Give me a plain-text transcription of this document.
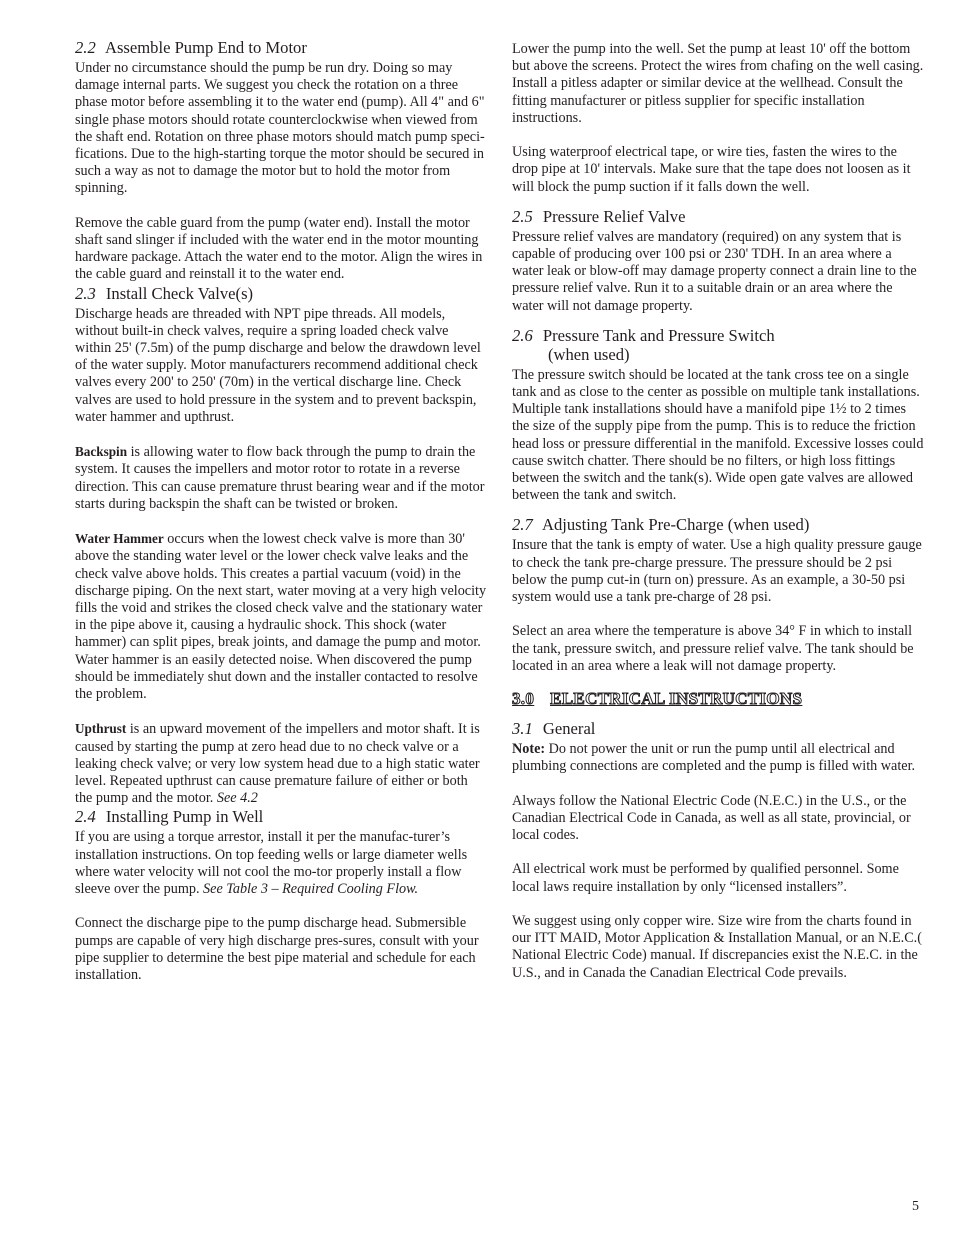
2.2 Assemble Pump End to Motor

Under no circumstance should the pump be run dry. Doing so may damage internal parts. We suggest you check the rotation on a three phase motor before assembling it to the water end (pump). All 4" and 6" single phase motors should rotate counterclockwise when viewed from the shaft end. Rotation on three phase motors should match pump speci-fications. Due to the high-starting torque the motor should be secured in such a way as not to damage the motor but to hold the motor from spinning.

Remove the cable guard from the pump (water end). Install the motor shaft sand slinger if included with the water end in the motor mounting hardware package. Attach the water end to the motor. Align the wires in the cable guard and reinstall it to the water end.

2.3 Install Check Valve(s)

Discharge heads are threaded with NPT pipe threads. All models, without built-in check valves, require a spring loaded check valve within 25' (7.5m) of the pump discharge and below the drawdown level of the water supply. Motor manufacturers recommend additional check valves every 200' to 250' (70m) in the vertical discharge line. Check valves are used to hold pressure in the system and to prevent backspin, water hammer and upthrust.

Backspin is allowing water to flow back through the pump to drain the system. It causes the impellers and motor rotor to rotate in a reverse direction. This can cause premature thrust bearing wear and if the motor starts during backspin the shaft can be twisted or broken.

Water Hammer occurs when the lowest check valve is more than 30' above the standing water level or the lower check valve leaks and the check valve above holds. This creates a partial vacuum (void) in the discharge piping. On the next start, water moving at a very high velocity fills the void and strikes the closed check valve and the stationary water in the pipe above it, causing a hydraulic shock. This shock (water hammer) can split pipes, break joints, and damage the pump and motor. Water hammer is an easily detected noise. When discovered the pump should be immediately shut down and the installer contacted to resolve the problem.

Upthrust is an upward movement of the impellers and motor shaft. It is caused by starting the pump at zero head due to no check valve or a leaking check valve; or very low system head due to a high static water level. Repeated upthrust can cause premature failure of either or both the pump and the motor. See 4.2

2.4 Installing Pump in Well

If you are using a torque arrestor, install it per the manufac-turer’s installation instructions. On top feeding wells or large diameter wells where water velocity will not cool the mo-tor properly install a flow sleeve over the pump. See Table 3 – Required Cooling Flow.

Connect the discharge pipe to the pump discharge head. Submersible pumps are capable of very high discharge pres-sures, consult with your pipe supplier to determine the best pipe material and schedule for each installation.

Lower the pump into the well. Set the pump at least 10' off the bottom but above the screens. Protect the wires from chafing on the well casing. Install a pitless adapter or similar device at the wellhead. Consult the fitting manufacturer or pitless supplier for specific installation instructions.

Using waterproof electrical tape, or wire ties, fasten the wires to the drop pipe at 10' intervals. Make sure that the tape does not loosen as it will block the pump suction if it falls down the well.

2.5 Pressure Relief Valve

Pressure relief valves are mandatory (required) on any system that is capable of producing over 100 psi or 230' TDH. In an area where a water leak or blow-off may damage property connect a drain line to the pressure relief valve. Run it to a suitable drain or an area where the water will not damage property.

2.6 Pressure Tank and Pressure Switch
(when used)

The pressure switch should be located at the tank cross tee on a single tank and as close to the center as possible on multiple tank installations. Multiple tank installations should have a manifold pipe 1½ to 2 times the size of the supply pipe from the pump. This is to reduce the friction head loss or pressure differential in the manifold. Excessive losses could cause switch chatter. There should be no filters, or high loss fittings between the switch and the tank(s). Wide open gate valves are allowed between the tank and switch.

2.7 Adjusting Tank Pre-Charge (when used)

Insure that the tank is empty of water. Use a high quality pressure gauge to check the tank pre-charge pressure. The pressure should be 2 psi below the pump cut-in (turn on) pressure. As an example, a 30-50 psi system would use a tank pre-charge of 28 psi.

Select an area where the temperature is above 34° F in which to install the tank, pressure switch, and pressure relief valve. The tank should be located in an area where a leak will not damage property.

3.0 ELECTRICAL INSTRUCTIONS
3.1 General

Note: Do not power the unit or run the pump until all electrical and plumbing connections are completed and the pump is filled with water.

Always follow the National Electric Code (N.E.C.) in the U.S., or the Canadian Electrical Code in Canada, as well as all state, provincial, or local codes.

All electrical work must be performed by qualified personnel. Some local laws require installation by only “licensed installers”.

We suggest using only copper wire. Size wire from the charts found in our ITT MAID, Motor Application & Installation Manual, or an N.E.C.( National Electric Code) manual. If discrepancies exist the N.E.C. in the U.S., and in Canada the Canadian Electrical Code prevails.

5
